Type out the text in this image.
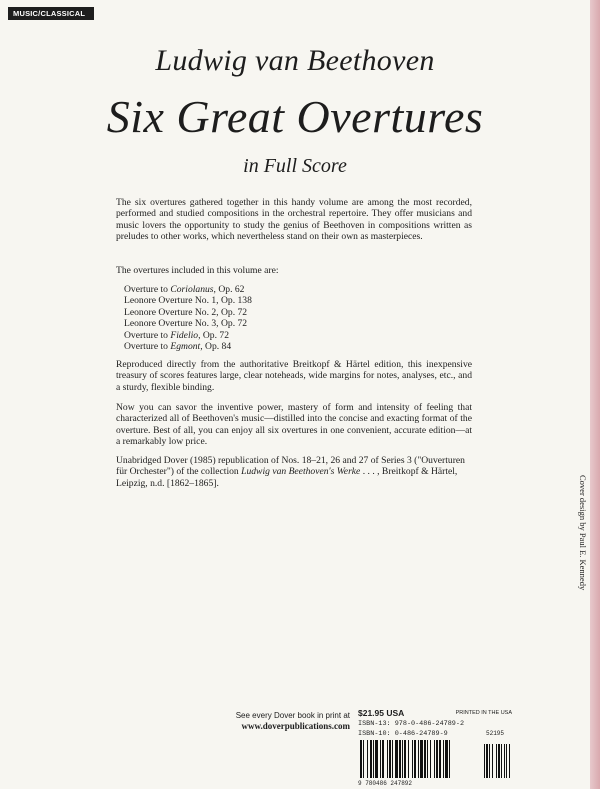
MUSIC/CLASSICAL
Ludwig van Beethoven
Six Great Overtures
in Full Score

The six overtures gathered together in this handy volume are among the most recorded, performed and studied compositions in the orchestral repertoire. They offer musicians and music lovers the opportunity to study the genius of Beethoven in compositions written as preludes to other works, which nevertheless stand on their own as masterpieces.

The overtures included in this volume are:

Overture to Coriolanus, Op. 62
Leonore Overture No. 1, Op. 138
Leonore Overture No. 2, Op. 72
Leonore Overture No. 3, Op. 72
Overture to Fidelio, Op. 72
Overture to Egmont, Op. 84

Reproduced directly from the authoritative Breitkopf & Härtel edition, this inexpensive treasury of scores features large, clear noteheads, wide margins for notes, analyses, etc., and a sturdy, flexible binding.

Now you can savor the inventive power, mastery of form and intensity of feeling that characterized all of Beethoven's music—distilled into the concise and exacting format of the overture. Best of all, you can enjoy all six overtures in one convenient, accurate edition—at a remarkably low price.

Unabridged Dover (1985) republication of Nos. 18–21, 26 and 27 of Series 3 ("Ouverturen für Orchester") of the collection Ludwig van Beethoven's Werke . . . , Breitkopf & Härtel, Leipzig, n.d. [1862–1865].	Cover design by Paul E. Kennedy
See every Dover book in print at
www.doverpublications.com
$21.95 USA	PRINTED IN THE USA
ISBN-13: 978-0-486-24789-2
ISBN-10: 0-486-24789-9	52195
9 780486 247892
